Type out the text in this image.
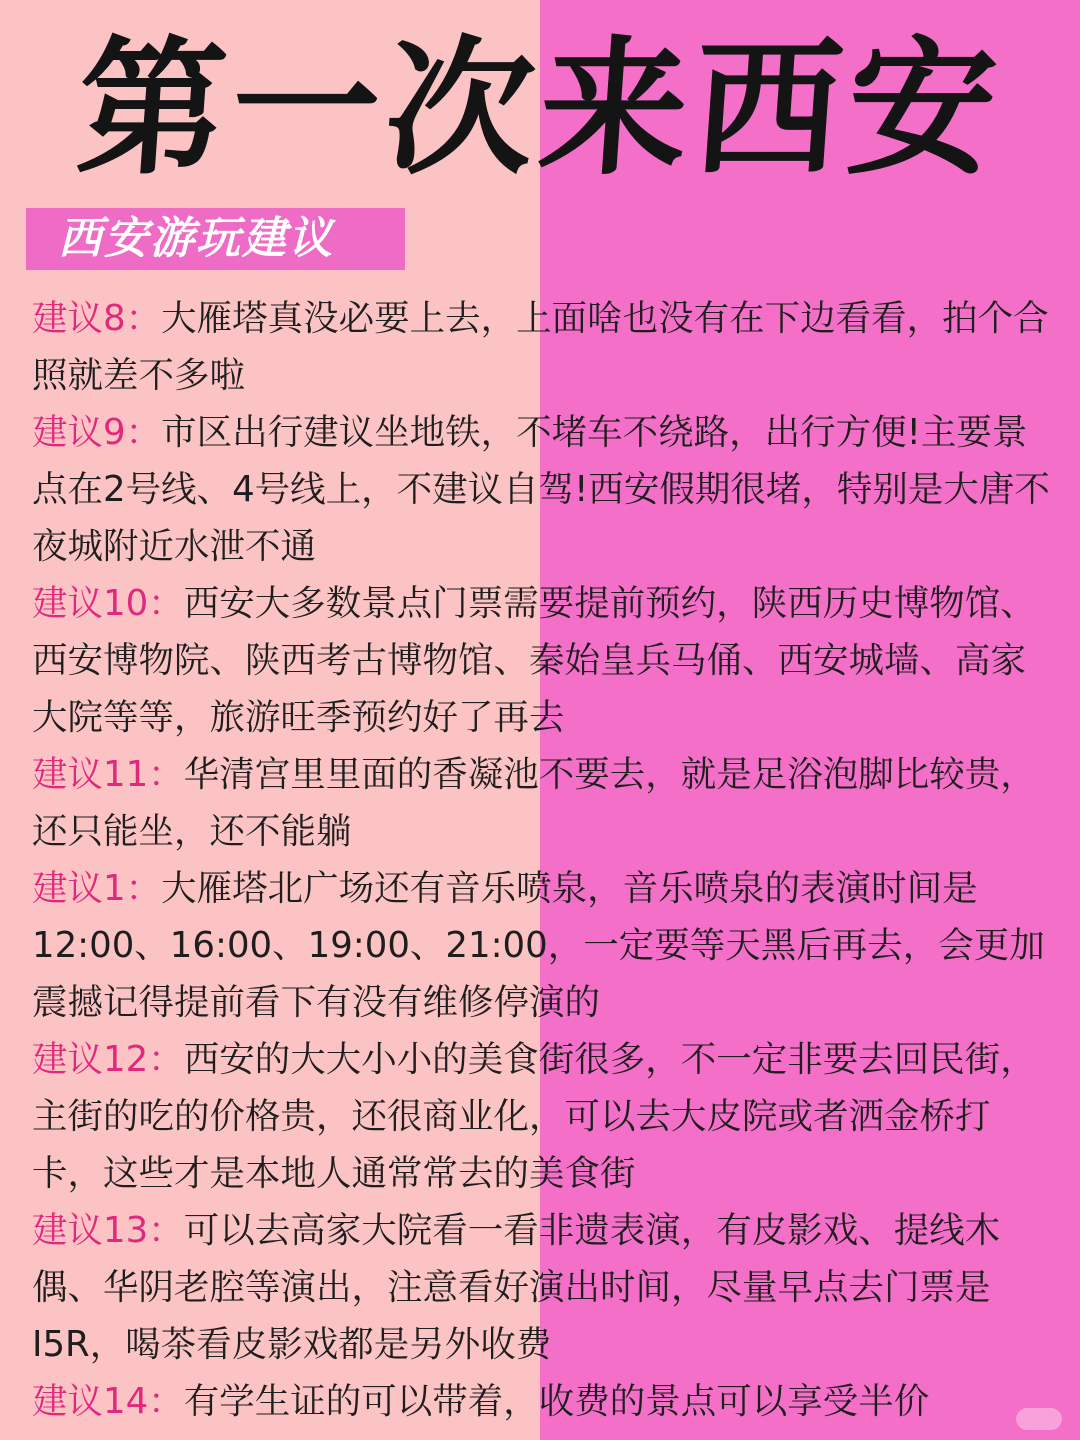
第一次来西安
西安游玩建议

建议8：大雁塔真没必要上去，上面啥也没有在下边看看，拍个合照就差不多啦

建议9：市区出行建议坐地铁，不堵车不绕路，出行方便!主要景点在2号线、4号线上，不建议自驾!西安假期很堵，特别是大唐不夜城附近水泄不通

建议10：西安大多数景点门票需要提前预约，陕西历史博物馆、西安博物院、陕西考古博物馆、秦始皇兵马俑、西安城墙、高家大院等等，旅游旺季预约好了再去

建议11：华清宫里里面的香凝池不要去，就是足浴泡脚比较贵，还只能坐，还不能躺

建议1：大雁塔北广场还有音乐喷泉，音乐喷泉的表演时间是12:00、16:00、19:00、21:00，一定要等天黑后再去，会更加震撼记得提前看下有没有维修停演的

建议12：西安的大大小小的美食街很多，不一定非要去回民街，主街的吃的价格贵，还很商业化，可以去大皮院或者洒金桥打卡，这些才是本地人通常常去的美食街

建议13：可以去高家大院看一看非遗表演，有皮影戏、提线木偶、华阴老腔等演出，注意看好演出时间，尽量早点去门票是I5R，喝茶看皮影戏都是另外收费

建议14：有学生证的可以带着，收费的景点可以享受半价
